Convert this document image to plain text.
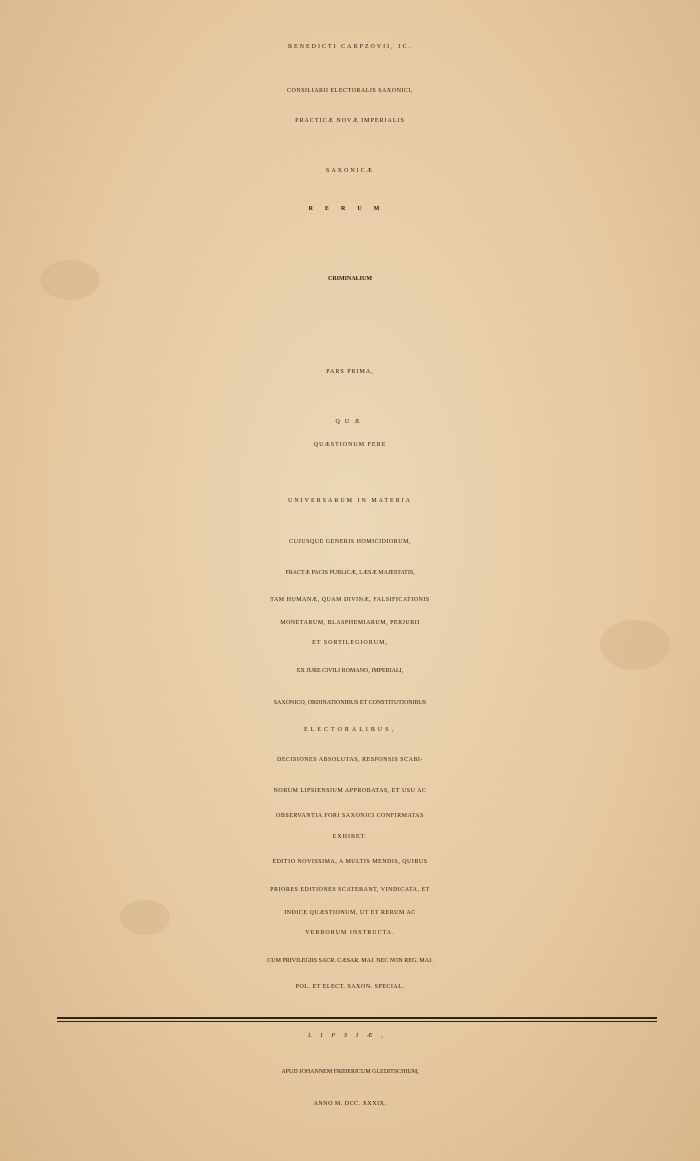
BENEDICTI CARPZOVII, JC.
CONSILIARII ELECTORALIS SAXONICI,
PRACTICÆ NOVÆ IMPERIALIS
SAXONICÆ
RERUM
CRIMINALIUM
PARS PRIMA,
QUÆ
QUÆSTIONUM FERE
UNIVERSARUM IN MATERIA
CUJUSQUE GENERIS HOMICIDIORUM,
FRACTÆ PACIS PUBLICÆ, LÆSÆ MAJESTATIS,
TAM HUMANÆ, QUAM DIVINÆ, FALSIFICATIONIS
MONETARUM, BLASPHEMIARUM, PERJURII
ET SORTILEGIORUM,
EX JURE CIVILI ROMANO, IMPERIALI,
SAXONICO, ORDINATIONIBUS ET CONSTITUTIONIBUS
ELECTORALIBUS,
DECISIONES ABSOLUTAS, RESPONSIS SCABI-
NORUM LIPSIENSIUM APPROBATAS, ET USU AC
OBSERVANTIA FORI SAXONICI CONFIRMATAS
EXHIBET.
EDITIO NOVISSIMA, A MULTIS MENDIS, QUIBUS
PRIORES EDITIONES SCATEBANT, VINDICATA, ET
INDICE QUÆSTIONUM, UT ET RERUM AC
VERBORUM INSTRUCTA.
CUM PRIVILEGIIS SACR. CÆSAR. MAJ. NEC NON REG. MAJ.
POL. ET ELECT. SAXON. SPECIAL.
LIPSIÆ,
APUD JOHANNEM FRIDERICUM GLEDITSCHIUM,
ANNO M. DCC. XXXIX.
